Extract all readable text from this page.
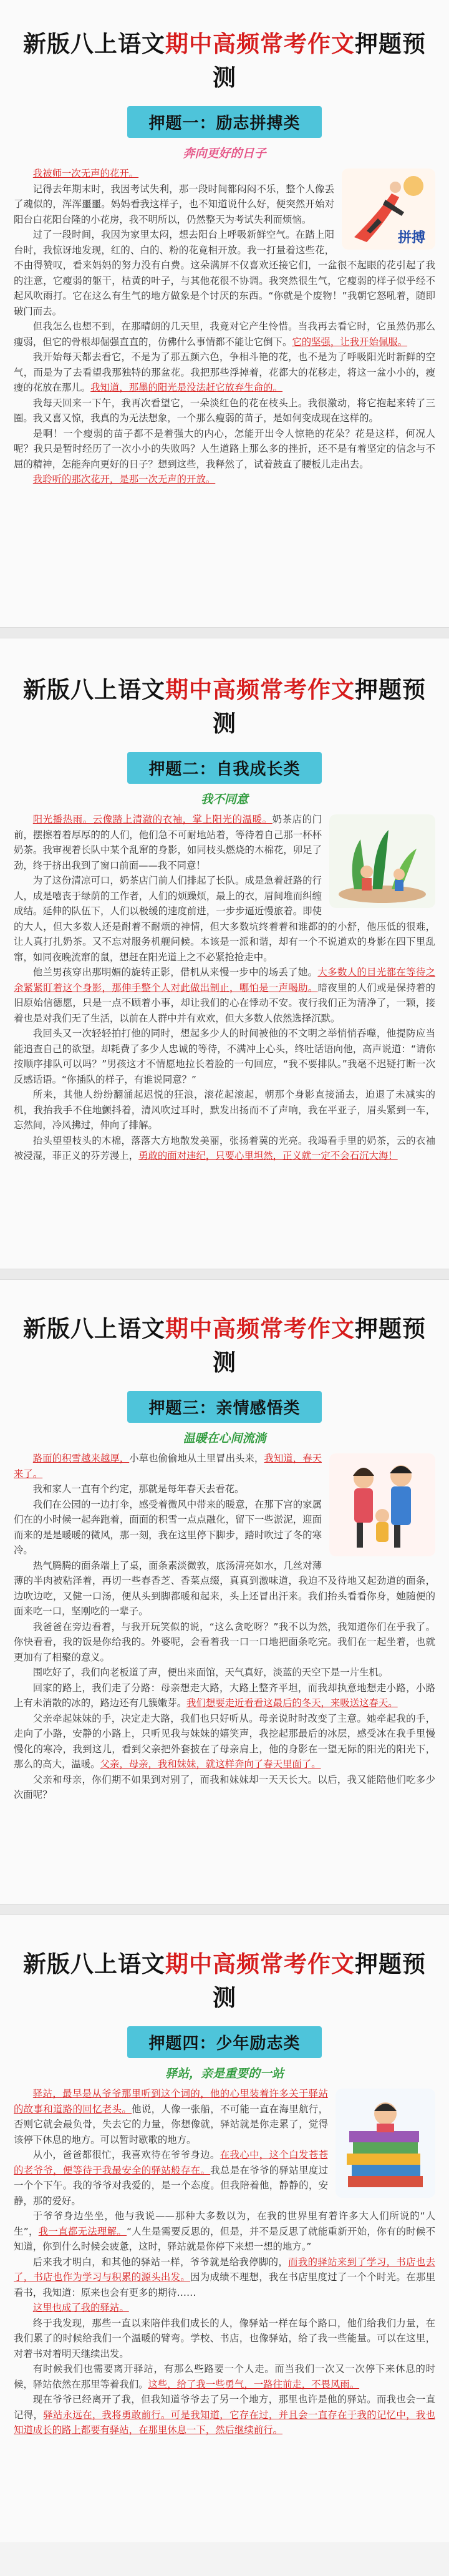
新版八上语文期中高频常考作文押题预测
押题一：励志拼搏类
奔向更好的日子
拼搏

我被师一次无声的花开。

记得去年期末时，我因考试失利，那一段时间都闷闷不乐，整个人像丢了魂似的，浑浑噩噩。妈妈看我这样子，也不知道说什么好，便突然开始对阳台白花阳台隆的小花房，我不明所以，仍然整天为考试失利而烦恼。

过了一段时间，我因为家里太闷，想去阳台上呼吸新鲜空气。在踏上阳台时，我惊讶地发现，红的、白的、粉的花竟相开放。我一打量着这些花，不由得赞叹，看来妈妈的努力没有白费。这朵满屏不仅喜欢还接它们，一盆很不起眼的花引起了我的注意，它瘦弱的躯干，枯黄的叶子，与其他花很不协调。我突然很生气，它瘦弱的样子似乎经不起风吹雨打。它在这么有生气的地方做象是个讨厌的东西。“你就是个废物！”我朝它怒吼着，随即破门而去。

但我怎么也想不到，在那晴朗的几天里，我竟对它产生怜惜。当我再去看它时，它虽然仍那么瘦弱，但它的骨根却倔强直直的，仿佛什么事情都不能让它倒下。它的坚强，让我开始佩服。

我开始每天都去看它，不是为了那五颜六色，争相斗艳的花，也不是为了呼吸阳光时新鲜的空气，而是为了去看望我那独特的那盆花。我把那些浮掉着，花都大的花移走，将这一盆小小的，瘦瘦的花放在那儿。我知道，那墨的阳光是没法赶它放弃生命的。

我每天回来一下午，我再次看望它，一朵淡红色的花在枝头上。我很激动，将它抱起来转了三圈。我又喜又惊，我真的为无法想象，一个那么瘦弱的苗子，是如何变成现在这样的。

是啊！一个瘦弱的苗子都不是着强大的内心，怎能开出令人惊艳的花朵？花是这样，何况人呢？我只是暂时经历了一次小小的失败吗？人生道路上那么多的挫折，还不是有着坚定的信念与不屈的精神，怎能奔向更好的日子？想到这些，我释然了，试着鼓直了腰板儿走出去。

我聆听的那次花开，是那一次无声的开放。

新版八上语文期中高频常考作文押题预测
押题二：自我成长类
我不同意

阳光播热雨。云像踏上清澈的衣袖，掌上阳光的温暖。奶茶店的门前，摆擦着着厚厚的的人们，他们急不可耐地站着，等待着自己那一杯杯奶茶。我审视着长队中某个乱窜的身影，如同枝头燃烧的木棉花，卯足了劲，终于挤出我到了窗口前面——我不同意！

为了这份清凉可口，奶茶店门前人们排起了长队。成是急着赶路的行人，成是嘻丧于绿荫的工作者，人们的烦躁烦，最上的衣，眉间堆而纠缠成结。延伸的队伍下，人们以极缓的速度前进，一步步逼近慢旅着。即使的大人，但大多数人还是耐着不耐烦的神情，但大多数坑终着着和谁都的的小舒，他压低的很难，让人真打扎奶茶。又不忘对服务机舰问候。本该是一派和谐，却有一个不说道欢的身影在四下里乱窜，如同夜晚流窜的鼠，想赶在阳光道上之不必紧抢抢走中。

他兰男孩穿出那明媚的旋转正影，借机从来慢一步中的场丢了她。大多数人的目光都在等待之余紧紧盯着这个身影，那伸手整个人对此做出制止，哪怕是一声喝助。暗夜里的人们或是保持着的旧原始信德愿，只是一点不顾着小事，却让我们的心在悸动不安。夜行我们正为清净了，一颗，接着也是对我们无了生活，以前在人群中并有欢欢，但大多数人依然选择沉默。

我回头又一次轻轻拍打他的同时，想起多少人的时间被他的不文明之举悄悄吞噬，他提防应当能追查自己的欲望。却耗费了多少人忠诚的等待，不满冲上心头，终吐话语向他，高声说道：“请你按顺序排队可以吗？”男孩这才不情愿地拉长着脸的一句回应，“我不要排队。”我毫不迟疑打断一次反感话语。“你插队的样子，有谁说同意？”

所来，其他人纷纷翻涌起迟悦的狂浪，滚花起滚起，朝那个身影直接涌去，迫退了未减实的机，我抬我手不住地颤抖着，清风吹过耳时，默发出扬而不了声响，我在平亚子，眉头紧到一车，忘然间，冷风拂过，伸向了排解。

抬头望望枝头的木棉，落落大方地散发美丽，张扬着冀的光亮。我竭看手里的奶茶，云的衣袖被浸湿，菲正义的芬芳漫上，勇敢的面对违纪，只要心里坦然，正义就一定不会石沉大海！

新版八上语文期中高频常考作文押题预测
押题三：亲情感悟类
温暖在心间流淌

路面的积雪越来越厚，小草也偷偷地从土里冒出头来，我知道，春天来了。

我和家人一直有个约定，那就是每年春天去看花。

我们在公园的一边打伞，感受着微风中带来的暖意，在那下宫的家属们在的小时候一起奔跑着，面面的积雪一点点融化，留下一些淤泥，迎面而来的是是暖暖的微风，那一刻，我在这里停下脚步，踏时吹过了冬的寒冷。

热气腾腾的面条端上了桌，面条素淡微敦，底汤清亮如水，几丝对薄薄的半肉被粘泽着，再切一些春香芝、香菜点缀，真真到激味道，我迫不及待地又起劲道的面条，边吹边吃，又健一口汤，便从头到脚都暖和起来，头上还冒出汗来。我们抬头看看你身，她随便的面来吃一口，坚刚吃的一辈子。

我爸爸在旁边看着，与我开玩笑似的说，“这么贪吃呀？”我不以为然，我知道你们在乎我了。你快看看，我的饭是你给我的。外婆呢，会看着我一口一口地把面条吃完。我们在一起坐着，也就更加有了相聚的意义。

围吃好了，我们向老板道了声，便出来面馆，天气真好，淡蓝的天空下是一片生机。

回家的路上，我们走了分路：母亲想走大路，大路上整齐平坦，而我却执意地想走小路，小路上有未消散的冰的，路边还有几簇嫩芽。我们想要走近看看这最后的冬天，来吸送这春天。

父亲牵起妹妹的手，决定走大路，我们也只好听从。母亲说时时改变了主意。她牵起我的手，走向了小路，安静的小路上，只听见我与妹妹的嬉笑声，我挖起那最后的冰层，感受冰在我手里慢慢化的寒冷，我到这儿，看到父亲把外套披在了母亲肩上，他的身影在一望无际的阳光的阳光下，那么的高大，温暖。父亲，母亲，我和妹妹，就这样奔向了春天里面了。

父亲和母亲，你们期不如果到对别了，而我和妹妹却一天天长大。以后，我又能陪他们吃多少次面呢？

新版八上语文期中高频常考作文押题预测
押题四：少年励志类
驿站，亲是重要的一站

驿站，最早是从爷爷那里听到这个词的，他的心里装着许多关于驿站的故事和道路的回忆老头。他说，人像一张船，不可能一直在海里航行，否则它就会最负骨，失去它的力量，你想像就，驿站就是你走累了，觉得该停下休息的地方。可以暂时歇歌的地方。

从小，爸爸都很忙，我喜欢待在爷爷身边。在我心中，这个白发苍苍的老爷爷，便等待于我最安全的驿站般存在。我总是在爷爷的驿站里度过一个个下午。我的爷爷对我爱的，是一个态度。但我陪着他，静静的，安静，那的爱好。

于爷爷身边坐坐，他与我说——那种大多数以为，在我的世界里有着许多大人们所说的“人生”，我一直都无法理解。“人生是需要反思的，但是，并不是反思了就能重新开始，你有的时候不知道，你到什么时候会疲惫，这时，驿站就是你停下来想一想的地方。”

后来我才明白，和其他的驿站一样，爷爷就是给我停脚的，而我的驿站来到了学习，书店也去了，书店也作为学习与积累的源头出发。因为成绩不理想，我在书店里度过了一个个时光。在那里看书，我知道：原来也会有更多的期待……

这里也成了我的驿站。

终于我发现，那些一直以来陪伴我们成长的人，像驿站一样在每个路口，他们给我们力量，在我们累了的时候给我们一个温暖的臂弯。学校、书店，也像驿站，给了我一些能量。可以在这里，对着书对着明天继续出发。

有时候我们也需要离开驿站，有那么些路要一个人走。而当我们一次又一次停下来休息的时候，驿站依然在那里等着我们。这些，给了我一些勇气，一路往前走，不畏风雨。

现在爷爷已经离开了我，但我知道爷爷去了另一个地方，那里也许是他的驿站。而我也会一直记得，驿站永远在，我将勇敢前行。可是我知道，它存在过，并且会一直存在于我的记忆中，我也知道成长的路上都要有驿站，在那里休息一下，然后继续前行。
